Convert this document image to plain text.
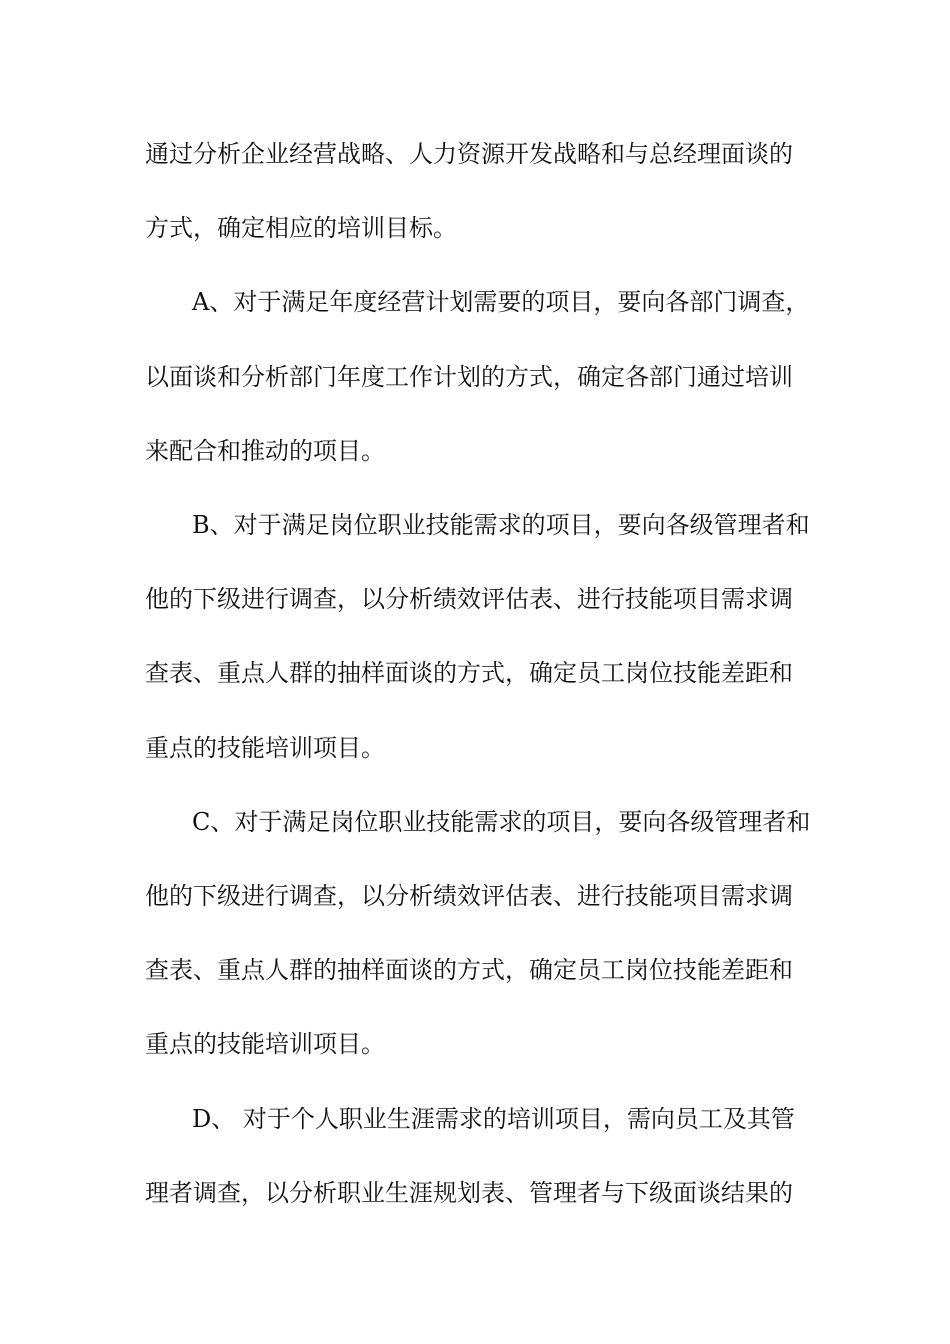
通过分析企业经营战略、人力资源开发战略和与总经理面谈的
方式，确定相应的培训目标。
A、对于满足年度经营计划需要的项目，要向各部门调查，
以面谈和分析部门年度工作计划的方式，确定各部门通过培训
来配合和推动的项目。
B、对于满足岗位职业技能需求的项目，要向各级管理者和
他的下级进行调查，以分析绩效评估表、进行技能项目需求调
查表、重点人群的抽样面谈的方式，确定员工岗位技能差距和
重点的技能培训项目。
C、对于满足岗位职业技能需求的项目，要向各级管理者和
他的下级进行调查，以分析绩效评估表、进行技能项目需求调
查表、重点人群的抽样面谈的方式，确定员工岗位技能差距和
重点的技能培训项目。
D、 对于个人职业生涯需求的培训项目，需向员工及其管
理者调查，以分析职业生涯规划表、管理者与下级面谈结果的
